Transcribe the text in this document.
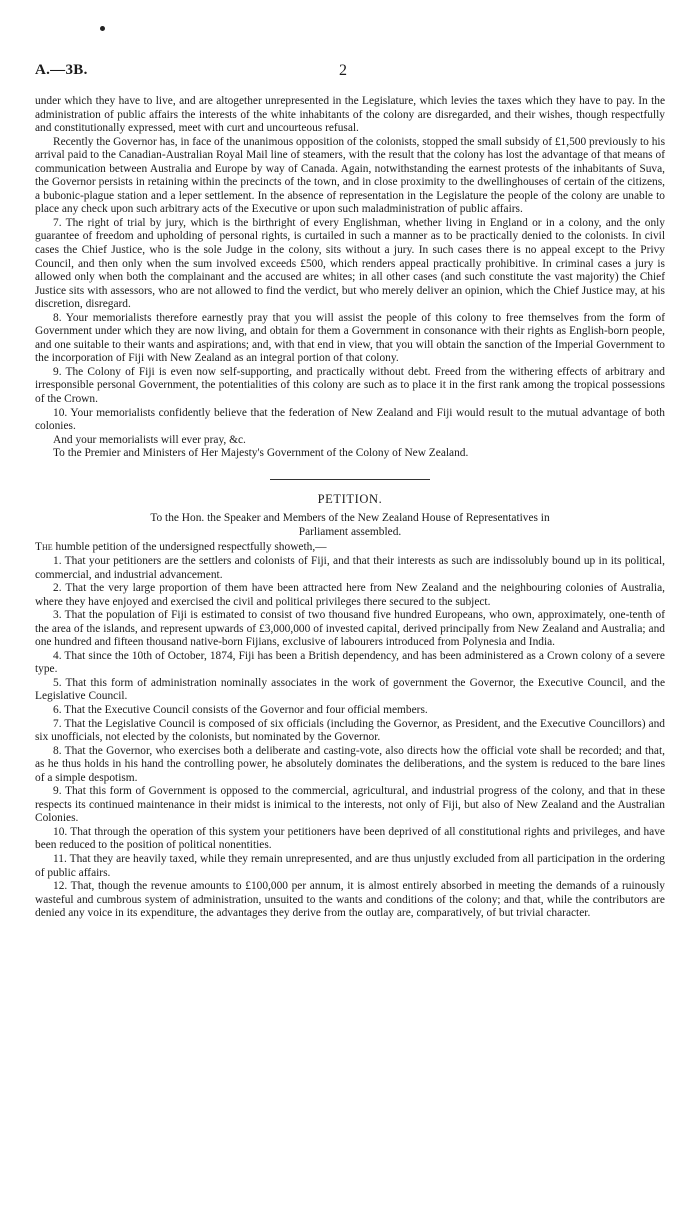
A.—3B.	2

under which they have to live, and are altogether unrepresented in the Legislature, which levies the taxes which they have to pay. In the administration of public affairs the interests of the white inhabitants of the colony are disregarded, and their wishes, though respectfully and constitutionally expressed, meet with curt and uncourteous refusal.

Recently the Governor has, in face of the unanimous opposition of the colonists, stopped the small subsidy of £1,500 previously to his arrival paid to the Canadian-Australian Royal Mail line of steamers, with the result that the colony has lost the advantage of that means of communication between Australia and Europe by way of Canada. Again, notwithstanding the earnest protests of the inhabitants of Suva, the Governor persists in retaining within the precincts of the town, and in close proximity to the dwellinghouses of certain of the citizens, a bubonic-plague station and a leper settlement. In the absence of representation in the Legislature the people of the colony are unable to place any check upon such arbitrary acts of the Executive or upon such maladministration of public affairs.

7. The right of trial by jury, which is the birthright of every Englishman, whether living in England or in a colony, and the only guarantee of freedom and upholding of personal rights, is curtailed in such a manner as to be practically denied to the colonists. In civil cases the Chief Justice, who is the sole Judge in the colony, sits without a jury. In such cases there is no appeal except to the Privy Council, and then only when the sum involved exceeds £500, which renders appeal practically prohibitive. In criminal cases a jury is allowed only when both the complainant and the accused are whites; in all other cases (and such constitute the vast majority) the Chief Justice sits with assessors, who are not allowed to find the verdict, but who merely deliver an opinion, which the Chief Justice may, at his discretion, disregard.

8. Your memorialists therefore earnestly pray that you will assist the people of this colony to free themselves from the form of Government under which they are now living, and obtain for them a Government in consonance with their rights as English-born people, and one suitable to their wants and aspirations; and, with that end in view, that you will obtain the sanction of the Imperial Government to the incorporation of Fiji with New Zealand as an integral portion of that colony.

9. The Colony of Fiji is even now self-supporting, and practically without debt. Freed from the withering effects of arbitrary and irresponsible personal Government, the potentialities of this colony are such as to place it in the first rank among the tropical possessions of the Crown.

10. Your memorialists confidently believe that the federation of New Zealand and Fiji would result to the mutual advantage of both colonies.

And your memorialists will ever pray, &c.

To the Premier and Ministers of Her Majesty's Government of the Colony of New Zealand.

PETITION.
To the Hon. the Speaker and Members of the New Zealand House of Representatives in
Parliament assembled.

The humble petition of the undersigned respectfully showeth,—

1. That your petitioners are the settlers and colonists of Fiji, and that their interests as such are indissolubly bound up in its political, commercial, and industrial advancement.

2. That the very large proportion of them have been attracted here from New Zealand and the neighbouring colonies of Australia, where they have enjoyed and exercised the civil and political privileges there secured to the subject.

3. That the population of Fiji is estimated to consist of two thousand five hundred Europeans, who own, approximately, one-tenth of the area of the islands, and represent upwards of £3,000,000 of invested capital, derived principally from New Zealand and Australia; and one hundred and fifteen thousand native-born Fijians, exclusive of labourers introduced from Polynesia and India.

4. That since the 10th of October, 1874, Fiji has been a British dependency, and has been administered as a Crown colony of a severe type.

5. That this form of administration nominally associates in the work of government the Governor, the Executive Council, and the Legislative Council.

6. That the Executive Council consists of the Governor and four official members.

7. That the Legislative Council is composed of six officials (including the Governor, as President, and the Executive Councillors) and six unofficials, not elected by the colonists, but nominated by the Governor.

8. That the Governor, who exercises both a deliberate and casting-vote, also directs how the official vote shall be recorded; and that, as he thus holds in his hand the controlling power, he absolutely dominates the deliberations, and the system is reduced to the bare lines of a simple despotism.

9. That this form of Government is opposed to the commercial, agricultural, and industrial progress of the colony, and that in these respects its continued maintenance in their midst is inimical to the interests, not only of Fiji, but also of New Zealand and the Australian Colonies.

10. That through the operation of this system your petitioners have been deprived of all constitutional rights and privileges, and have been reduced to the position of political nonentities.

11. That they are heavily taxed, while they remain unrepresented, and are thus unjustly excluded from all participation in the ordering of public affairs.

12. That, though the revenue amounts to £100,000 per annum, it is almost entirely absorbed in meeting the demands of a ruinously wasteful and cumbrous system of administration, unsuited to the wants and conditions of the colony; and that, while the contributors are denied any voice in its expenditure, the advantages they derive from the outlay are, comparatively, of but trivial character.
